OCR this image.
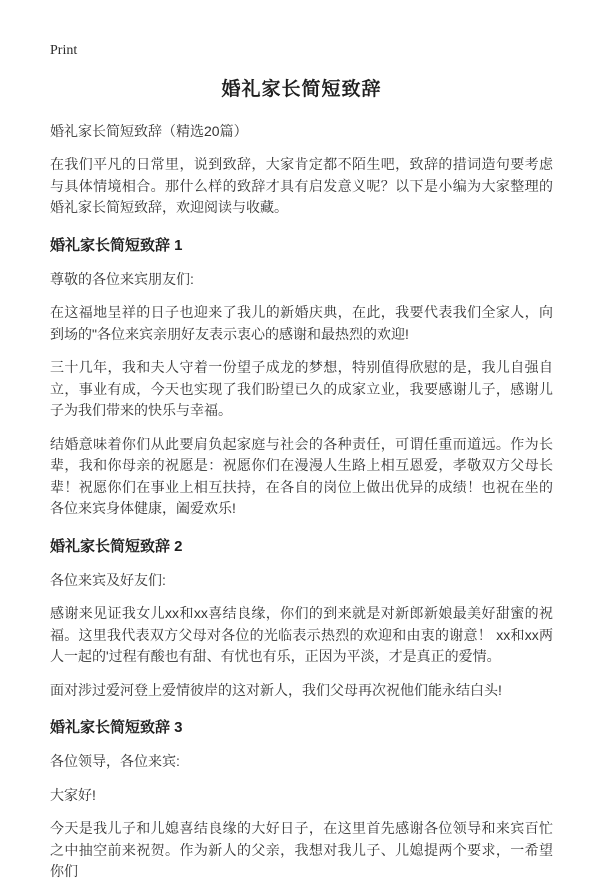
Print
婚礼家长简短致辞

婚礼家长简短致辞（精选20篇）

在我们平凡的日常里，说到致辞，大家肯定都不陌生吧，致辞的措词造句要考虑与具体情境相合。那什么样的致辞才具有启发意义呢？以下是小编为大家整理的婚礼家长简短致辞，欢迎阅读与收藏。

婚礼家长简短致辞 1

尊敬的各位来宾朋友们:

在这福地呈祥的日子也迎来了我儿的新婚庆典，在此，我要代表我们全家人，向到场的"各位来宾亲朋好友表示衷心的感谢和最热烈的欢迎!

三十几年，我和夫人守着一份望子成龙的梦想，特别值得欣慰的是，我儿自强自立，事业有成，今天也实现了我们盼望已久的成家立业，我要感谢儿子，感谢儿子为我们带来的快乐与幸福。

结婚意味着你们从此要肩负起家庭与社会的各种责任，可谓任重而道远。作为长辈，我和你母亲的祝愿是：祝愿你们在漫漫人生路上相互恩爱，孝敬双方父母长辈！祝愿你们在事业上相互扶持，在各自的岗位上做出优异的成绩！也祝在坐的各位来宾身体健康，阖爱欢乐!

婚礼家长简短致辞 2

各位来宾及好友们:

感谢来见证我女儿xx和xx喜结良缘，你们的到来就是对新郎新娘最美好甜蜜的祝福。这里我代表双方父母对各位的光临表示热烈的欢迎和由衷的谢意！ xx和xx两人一起的'过程有酸也有甜、有忧也有乐，正因为平淡，才是真正的爱情。

面对涉过爱河登上爱情彼岸的这对新人，我们父母再次祝他们能永结白头!

婚礼家长简短致辞 3

各位领导，各位来宾:

大家好!

今天是我儿子和儿媳喜结良缘的大好日子，在这里首先感谢各位领导和来宾百忙之中抽空前来祝贺。作为新人的父亲，我想对我儿子、儿媳提两个要求，一希望你们
